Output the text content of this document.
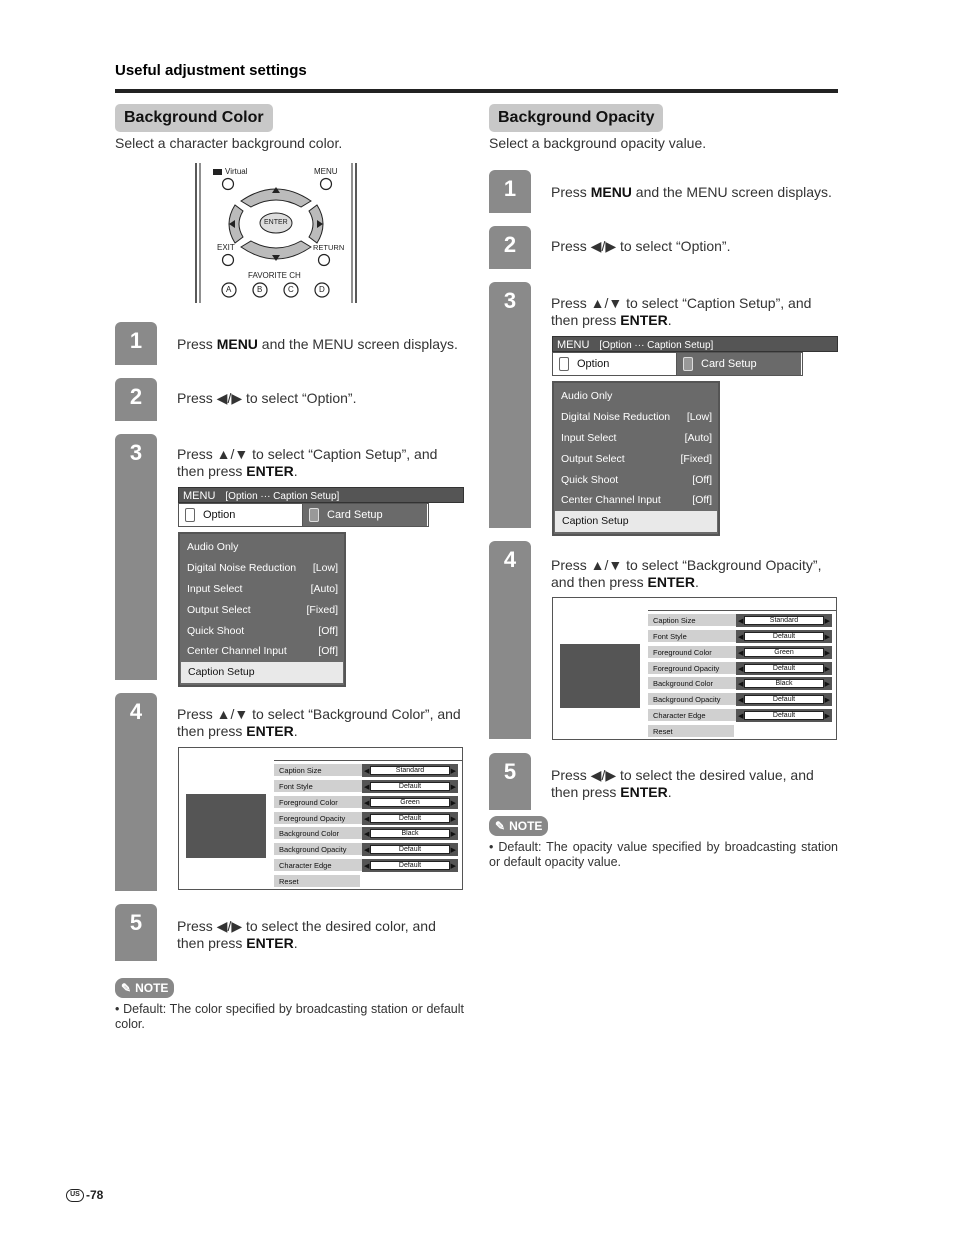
Useful adjustment settings
Background Color
Select a character background color.
Virtual	MENU
ENTER
EXIT	RETURN
FAVORITE CH
A	B	C	D
1	Press MENU and the MENU screen displays.
2	Press ◀/▶ to select “Option”.
3	Press ▲/▼ to select “Caption Setup”, and then press ENTER.
MENU [Option ··· Caption Setup]
Option	Card Setup
Audio Only
Digital Noise Reduction [Low]
Input Select	[Auto]
Output Select	[Fixed]
Quick Shoot	[Off]
Center Channel Input	[Off]
Caption Setup
4	Press ▲/▼ to select “Background Color”, and then press ENTER.
Caption Size	◀	Standard	▶
Font Style	◀	Default	▶
Foreground Color	◀	Green	▶
Foreground Opacity	◀	Default	▶
Background Color	◀	Black	▶
Background Opacity	◀	Default	▶
Character Edge	◀	Default	▶
Reset
5	Press ◀/▶ to select the desired color, and then press ENTER.
✎ NOTE
• Default: The color specified by broadcasting station or default color.
Background Opacity
Select a background opacity value.
1	Press MENU and the MENU screen displays.
2	Press ◀/▶ to select “Option”.
3	Press ▲/▼ to select “Caption Setup”, and then press ENTER.
MENU [Option ··· Caption Setup]
Option	Card Setup
Audio Only
Digital Noise Reduction [Low]
Input Select	[Auto]
Output Select	[Fixed]
Quick Shoot	[Off]
Center Channel Input	[Off]
Caption Setup
4	Press ▲/▼ to select “Background Opacity”, and then press ENTER.
Caption Size	◀	Standard	▶
Font Style	◀	Default	▶
Foreground Color	◀	Green	▶
Foreground Opacity	◀	Default	▶
Background Color	◀	Black	▶
Background Opacity	◀	Default	▶
Character Edge	◀	Default	▶
Reset
5	Press ◀/▶ to select the desired value, and then press ENTER.
✎ NOTE
• Default: The opacity value specified by broadcasting station or default opacity value.
US -78
